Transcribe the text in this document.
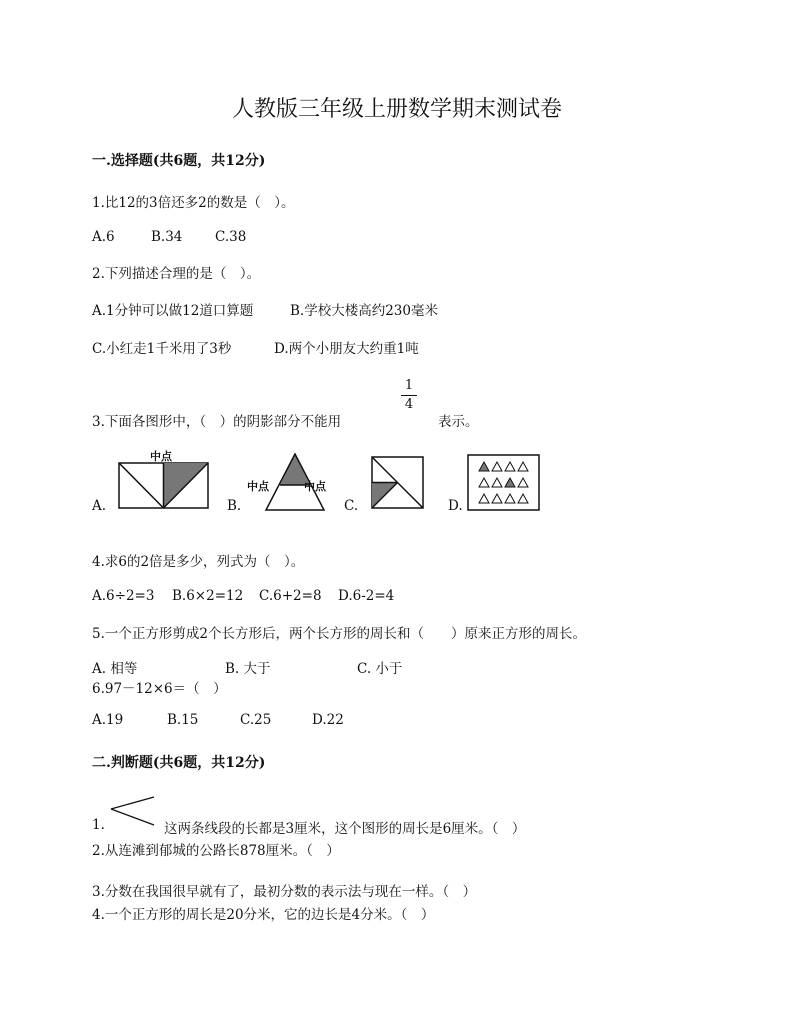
人教版三年级上册数学期末测试卷
一.选择题(共6题，共12分)
1.比12的3倍还多2的数是（　）。
A.6	B.34 C.38
2.下列描述合理的是（　）。
A.1分钟可以做12道口算题	B.学校大楼高约230毫米
C.小红走1千米用了3秒	D.两个小朋友大约重1吨
3.下面各图形中，（　）的阴影部分不能用
1
4
表示。
A.
中点
B.
中点	中点
C.	D.
4.求6的2倍是多少，列式为（　）。
A.6÷2=3 B.6×2=12 C.6+2=8 D.6-2=4
5.一个正方形剪成2个长方形后，两个长方形的周长和（　　）原来正方形的周长。
A. 相等	B. 大于	C. 小于
6.97－12×6＝（　）
A.19	B.15	C.25	D.22
二.判断题(共6题，共12分)
1.	这两条线段的长都是3厘米，这个图形的周长是6厘米。（　）
2.从连滩到郁城的公路长878厘米。（　）
3.分数在我国很早就有了，最初分数的表示法与现在一样。（　）
4.一个正方形的周长是20分米，它的边长是4分米。（　）
